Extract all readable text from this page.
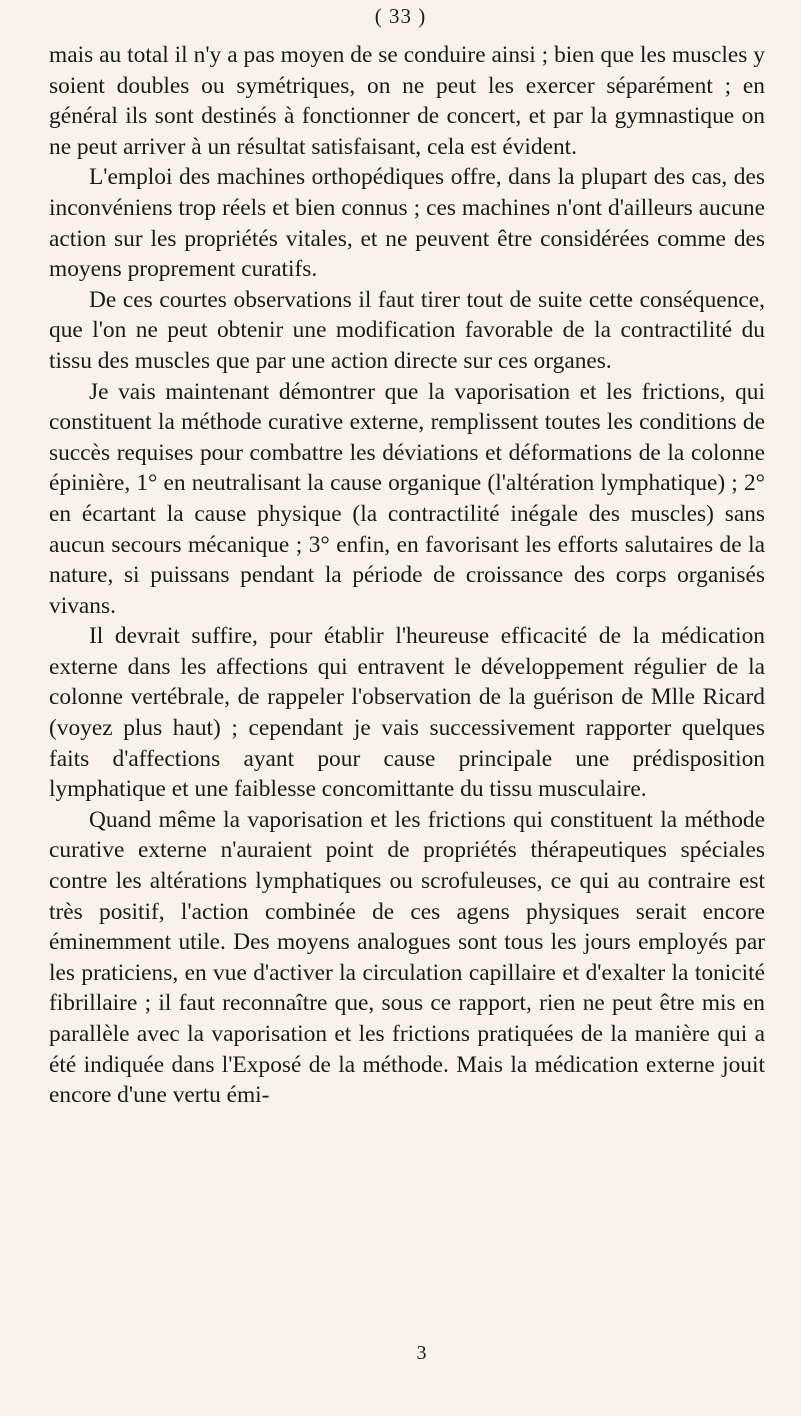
( 33 )

mais au total il n'y a pas moyen de se conduire ainsi ; bien que les muscles y soient doubles ou symétriques, on ne peut les exercer séparément ; en général ils sont destinés à fonctionner de concert, et par la gymnastique on ne peut arriver à un résultat satisfaisant, cela est évident.

L'emploi des machines orthopédiques offre, dans la plupart des cas, des inconvéniens trop réels et bien connus ; ces machines n'ont d'ailleurs aucune action sur les propriétés vitales, et ne peuvent être considérées comme des moyens proprement curatifs.

De ces courtes observations il faut tirer tout de suite cette conséquence, que l'on ne peut obtenir une modification favorable de la contractilité du tissu des muscles que par une action directe sur ces organes.

Je vais maintenant démontrer que la vaporisation et les frictions, qui constituent la méthode curative externe, remplissent toutes les conditions de succès requises pour combattre les déviations et déformations de la colonne épinière, 1° en neutralisant la cause organique (l'altération lymphatique) ; 2° en écartant la cause physique (la contractilité inégale des muscles) sans aucun secours mécanique ; 3° enfin, en favorisant les efforts salutaires de la nature, si puissans pendant la période de croissance des corps organisés vivans.

Il devrait suffire, pour établir l'heureuse efficacité de la médication externe dans les affections qui entravent le développement régulier de la colonne vertébrale, de rappeler l'observation de la guérison de Mlle Ricard (voyez plus haut) ; cependant je vais successivement rapporter quelques faits d'affections ayant pour cause principale une prédisposition lymphatique et une faiblesse concomittante du tissu musculaire.

Quand même la vaporisation et les frictions qui constituent la méthode curative externe n'auraient point de propriétés thérapeutiques spéciales contre les altérations lymphatiques ou scrofuleuses, ce qui au contraire est très positif, l'action combinée de ces agens physiques serait encore éminemment utile. Des moyens analogues sont tous les jours employés par les praticiens, en vue d'activer la circulation capillaire et d'exalter la tonicité fibrillaire ; il faut reconnaître que, sous ce rapport, rien ne peut être mis en parallèle avec la vaporisation et les frictions pratiquées de la manière qui a été indiquée dans l'Exposé de la méthode. Mais la médication externe jouit encore d'une vertu émi-

3
